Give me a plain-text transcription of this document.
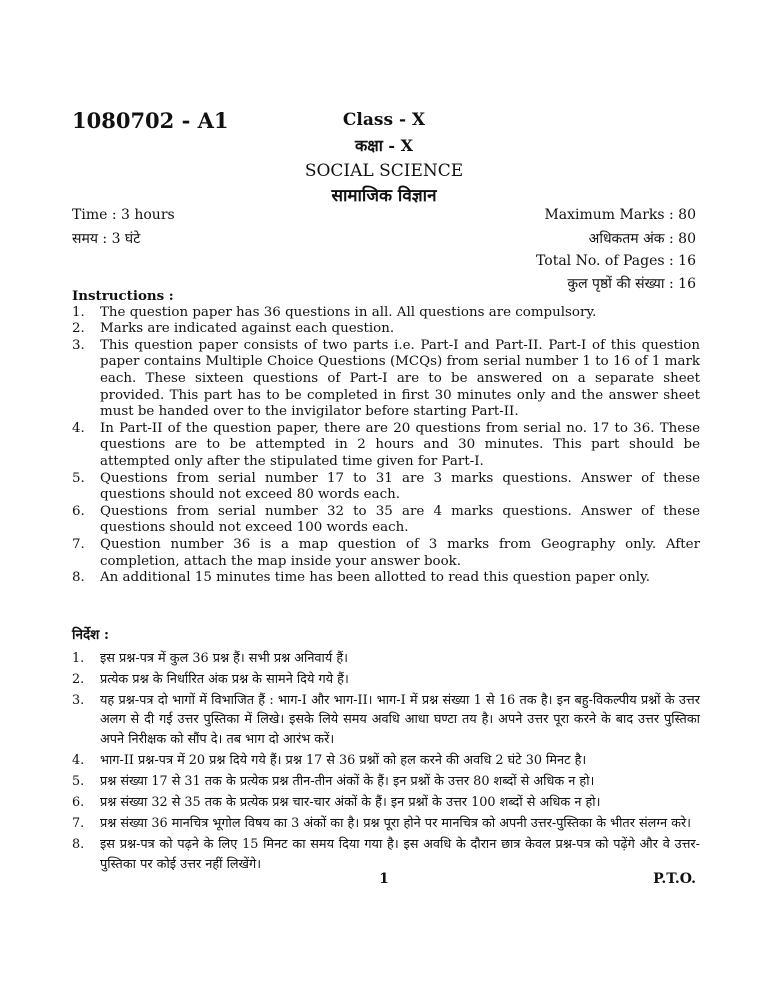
1080702 - A1	Class - X
कक्षा - X
SOCIAL SCIENCE
सामाजिक विज्ञान
Time : 3 hours
समय : 3 घंटे
Maximum Marks : 80
अधिकतम अंक : 80
Total No. of Pages : 16
कुल पृष्ठों की संख्या : 16
Instructions :
1.	The question paper has 36 questions in all. All questions are compulsory.
2.	Marks are indicated against each question.
3.	This question paper consists of two parts i.e. Part-I and Part-II. Part-I of this question paper contains Multiple Choice Questions (MCQs) from serial number 1 to 16 of 1 mark each. These sixteen questions of Part-I are to be answered on a separate sheet provided. This part has to be completed in first 30 minutes only and the answer sheet must be handed over to the invigilator before starting Part-II.
4.	In Part-II of the question paper, there are 20 questions from serial no. 17 to 36. These questions are to be attempted in 2 hours and 30 minutes. This part should be attempted only after the stipulated time given for Part-I.
5.	Questions from serial number 17 to 31 are 3 marks questions. Answer of these questions should not exceed 80 words each.
6.	Questions from serial number 32 to 35 are 4 marks questions. Answer of these questions should not exceed 100 words each.
7.	Question number 36 is a map question of 3 marks from Geography only. After completion, attach the map inside your answer book.
8.	An additional 15 minutes time has been allotted to read this question paper only.
निर्देश :
1.	इस प्रश्न-पत्र में कुल 36 प्रश्न हैं। सभी प्रश्न अनिवार्य हैं।
2.	प्रत्येक प्रश्न के निर्धारित अंक प्रश्न के सामने दिये गये हैं।
3.	यह प्रश्न-पत्र दो भागों में विभाजित हैं : भाग-I और भाग-II। भाग-I में प्रश्न संख्या 1 से 16 तक है। इन बहु-विकल्पीय प्रश्नों के उत्तर अलग से दी गई उत्तर पुस्तिका में लिखे। इसके लिये समय अवधि आधा घण्टा तय है। अपने उत्तर पूरा करने के बाद उत्तर पुस्तिका अपने निरीक्षक को सौंप दे। तब भाग दो आरंभ करें।
4.	भाग-II प्रश्न-पत्र में 20 प्रश्न दिये गये हैं। प्रश्न 17 से 36 प्रश्नों को हल करने की अवधि 2 घंटे 30 मिनट है।
5.	प्रश्न संख्या 17 से 31 तक के प्रत्येक प्रश्न तीन-तीन अंकों के हैं। इन प्रश्नों के उत्तर 80 शब्दों से अधिक न हो।
6.	प्रश्न संख्या 32 से 35 तक के प्रत्येक प्रश्न चार-चार अंकों के हैं। इन प्रश्नों के उत्तर 100 शब्दों से अधिक न हो।
7.	प्रश्न संख्या 36 मानचित्र भूगोल विषय का 3 अंकों का है। प्रश्न पूरा होने पर मानचित्र को अपनी उत्तर-पुस्तिका के भीतर संलग्न करे।
8.	इस प्रश्न-पत्र को पढ़ने के लिए 15 मिनट का समय दिया गया है। इस अवधि के दौरान छात्र केवल प्रश्न-पत्र को पढ़ेंगे और वे उत्तर-पुस्तिका पर कोई उत्तर नहीं लिखेंगे।
1	P.T.O.
